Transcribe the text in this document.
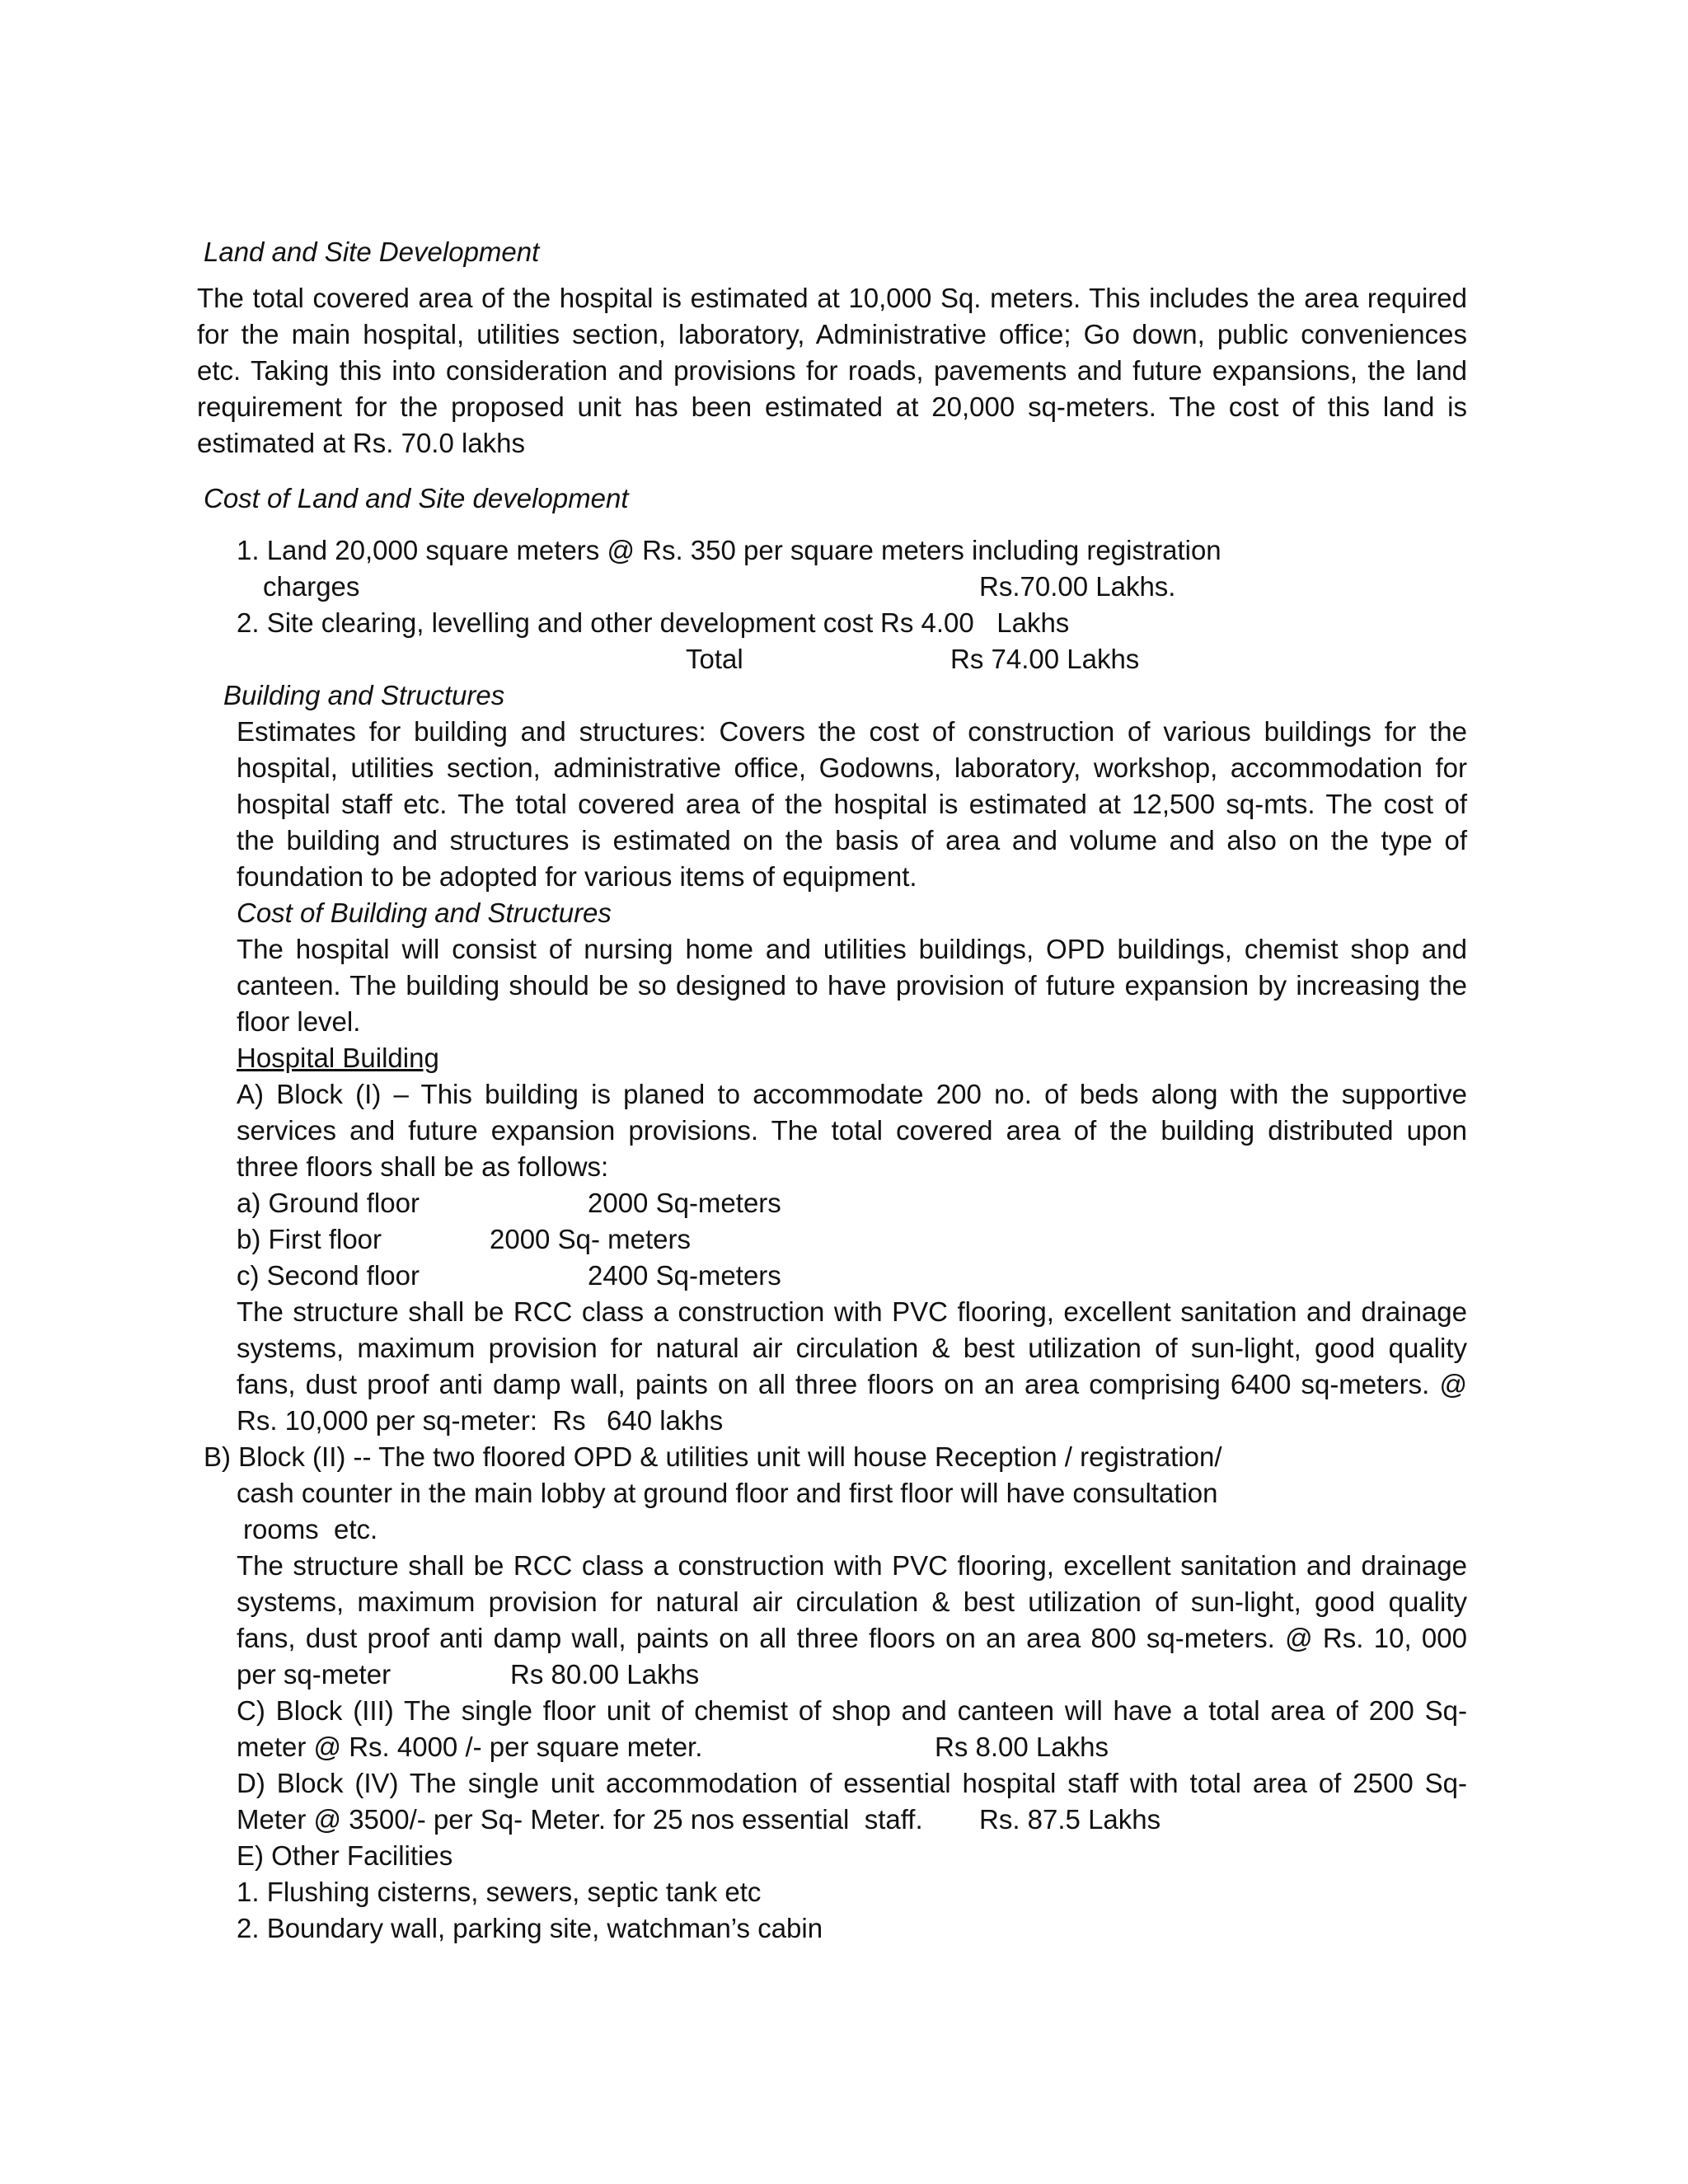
Land and Site Development
The total covered area of the hospital is estimated at 10,000 Sq. meters. This includes the area required
for the main hospital, utilities section, laboratory, Administrative office; Go down, public conveniences
etc. Taking this into consideration and provisions for roads, pavements and future expansions, the land
requirement for the proposed unit has been estimated at 20,000 sq-meters. The cost of this land is
estimated at Rs. 70.0 lakhs
Cost of Land and Site development
1. Land 20,000 square meters @ Rs. 350 per square meters including registration
charges	Rs.70.00 Lakhs.
2. Site clearing, levelling and other development cost Rs 4.00   Lakhs
Total	Rs 74.00 Lakhs
Building and Structures
Estimates for building and structures: Covers the cost of construction of various buildings for the
hospital, utilities section, administrative office, Godowns, laboratory, workshop, accommodation for
hospital staff etc. The total covered area of the hospital is estimated at 12,500 sq-mts. The cost of
the building and structures is estimated on the basis of area and volume and also on the type of
foundation to be adopted for various items of equipment.
Cost of Building and Structures
The hospital will consist of nursing home and utilities buildings, OPD buildings, chemist shop and
canteen. The building should be so designed to have provision of future expansion by increasing the
floor level.
Hospital Building
A) Block (I) – This building is planed to accommodate 200 no. of beds along with the supportive
services and future expansion provisions. The total covered area of the building distributed upon
three floors shall be as follows:
a) Ground floor	2000 Sq-meters
b) First floor	2000 Sq- meters
c) Second floor	2400 Sq-meters
The structure shall be RCC class a construction with PVC flooring, excellent sanitation and drainage
systems, maximum provision for natural air circulation & best utilization of sun-light, good quality
fans, dust proof anti damp wall, paints on all three floors on an area comprising 6400 sq-meters. @
Rs. 10,000 per sq-meter:  Rs 640 lakhs
B) Block (II) -- The two floored OPD & utilities unit will house Reception / registration/
cash counter in the main lobby at ground floor and first floor will have consultation
rooms  etc.
The structure shall be RCC class a construction with PVC flooring, excellent sanitation and drainage
systems, maximum provision for natural air circulation & best utilization of sun-light, good quality
fans, dust proof anti damp wall, paints on all three floors on an area 800 sq-meters. @ Rs. 10, 000
per sq-meter	Rs 80.00 Lakhs
C) Block (III) The single floor unit of chemist of shop and canteen will have a total area of 200 Sq-
meter @ Rs. 4000 /- per square meter.	Rs 8.00 Lakhs
D) Block (IV) The single unit accommodation of essential hospital staff with total area of 2500 Sq-
Meter @ 3500/- per Sq- Meter. for 25 nos essential  staff. Rs. 87.5 Lakhs
E) Other Facilities
1. Flushing cisterns, sewers, septic tank etc
2. Boundary wall, parking site, watchman’s cabin
